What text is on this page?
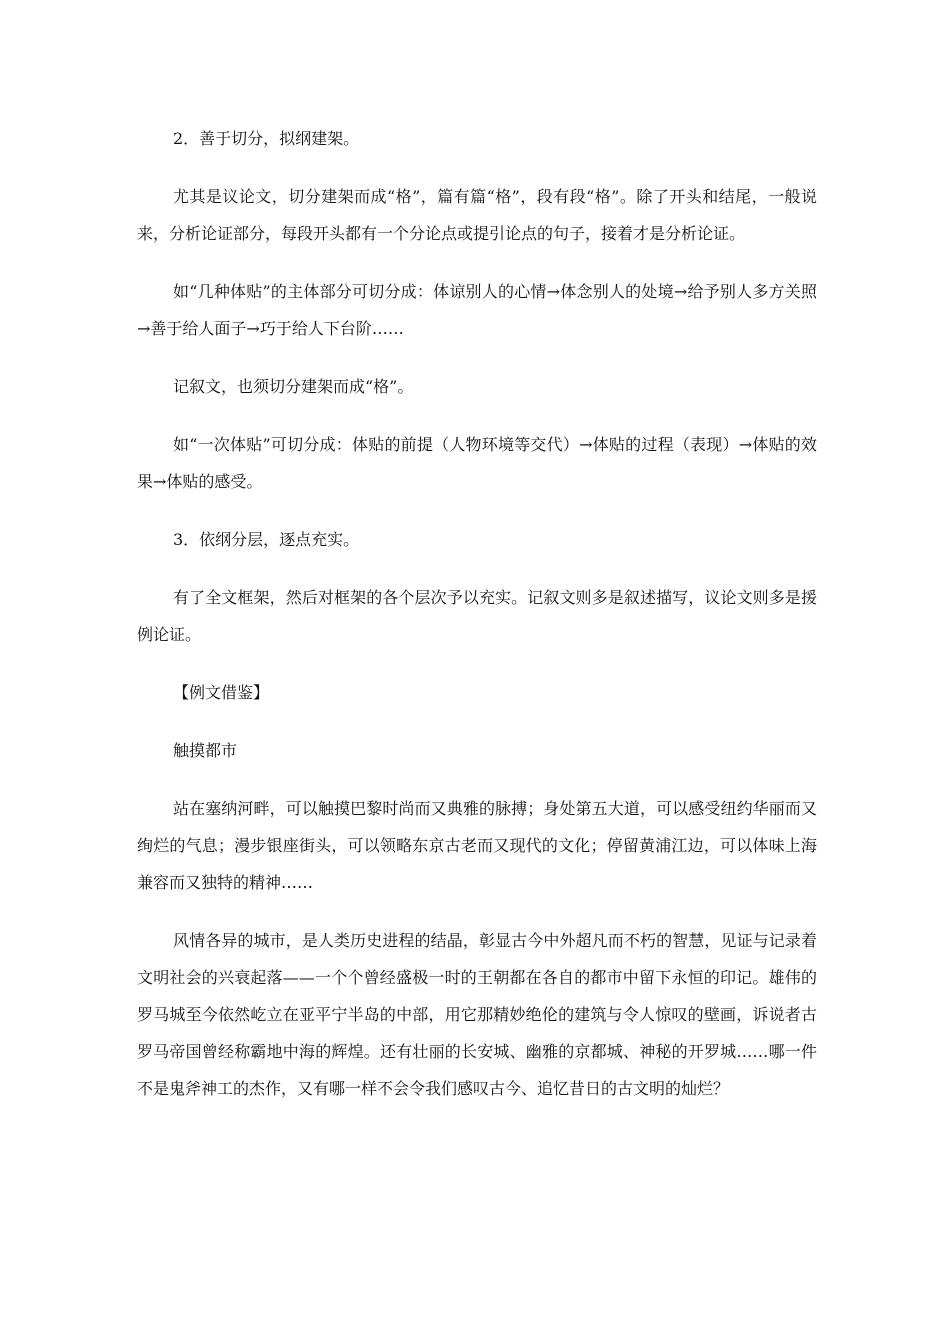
2．善于切分，拟纲建架。

尤其是议论文，切分建架而成“格”，篇有篇“格”，段有段“格”。除了开头和结尾，一般说来，分析论证部分，每段开头都有一个分论点或提引论点的句子，接着才是分析论证。

如“几种体贴”的主体部分可切分成：体谅别人的心情→体念别人的处境→给予别人多方关照→善于给人面子→巧于给人下台阶……

记叙文，也须切分建架而成“格”。

如“一次体贴”可切分成：体贴的前提（人物环境等交代）→体贴的过程（表现）→体贴的效果→体贴的感受。

3．依纲分层，逐点充实。

有了全文框架，然后对框架的各个层次予以充实。记叙文则多是叙述描写，议论文则多是援例论证。

【例文借鉴】

触摸都市

站在塞纳河畔，可以触摸巴黎时尚而又典雅的脉搏；身处第五大道，可以感受纽约华丽而又绚烂的气息；漫步银座街头，可以领略东京古老而又现代的文化；停留黄浦江边，可以体味上海兼容而又独特的精神……

风情各异的城市，是人类历史进程的结晶，彰显古今中外超凡而不朽的智慧，见证与记录着文明社会的兴衰起落——一个个曾经盛极一时的王朝都在各自的都市中留下永恒的印记。雄伟的罗马城至今依然屹立在亚平宁半岛的中部，用它那精妙绝伦的建筑与令人惊叹的壁画，诉说者古罗马帝国曾经称霸地中海的辉煌。还有壮丽的长安城、幽雅的京都城、神秘的开罗城……哪一件不是鬼斧神工的杰作，又有哪一样不会令我们感叹古今、追忆昔日的古文明的灿烂？
